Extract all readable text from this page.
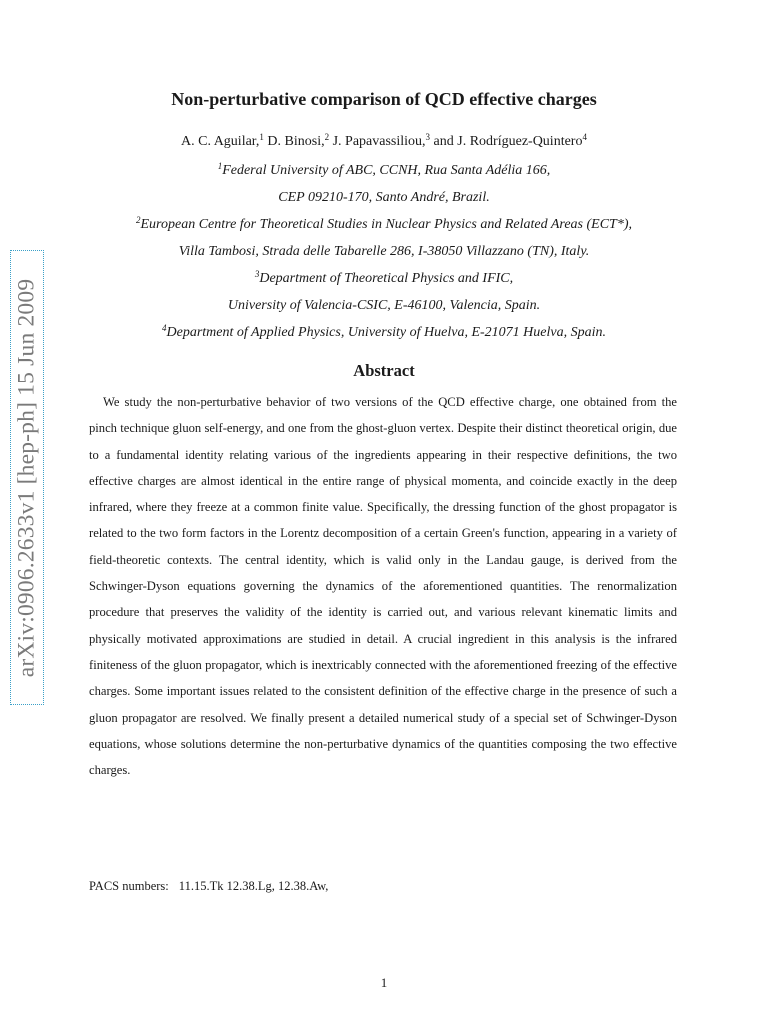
arXiv:0906.2633v1 [hep-ph] 15 Jun 2009
Non-perturbative comparison of QCD effective charges

A. C. Aguilar,$^1$ D. Binosi,$^2$ J. Papavassiliou,$^3$ and J. Rodríguez-Quintero$^4$

$^1$Federal University of ABC, CCNH, Rua Santa Adélia 166,

CEP 09210-170, Santo André, Brazil.

$^2$European Centre for Theoretical Studies in Nuclear Physics and Related Areas (ECT*),

Villa Tambosi, Strada delle Tabarelle 286, I-38050 Villazzano (TN), Italy.

$^3$Department of Theoretical Physics and IFIC,

University of Valencia-CSIC, E-46100, Valencia, Spain.

$^4$Department of Applied Physics, University of Huelva, E-21071 Huelva, Spain.

Abstract

We study the non-perturbative behavior of two versions of the QCD effective charge, one obtained from the pinch technique gluon self-energy, and one from the ghost-gluon vertex. Despite their distinct theoretical origin, due to a fundamental identity relating various of the ingredients appearing in their respective definitions, the two effective charges are almost identical in the entire range of physical momenta, and coincide exactly in the deep infrared, where they freeze at a common finite value. Specifically, the dressing function of the ghost propagator is related to the two form factors in the Lorentz decomposition of a certain Green's function, appearing in a variety of field-theoretic contexts. The central identity, which is valid only in the Landau gauge, is derived from the Schwinger-Dyson equations governing the dynamics of the aforementioned quantities. The renormalization procedure that preserves the validity of the identity is carried out, and various relevant kinematic limits and physically motivated approximations are studied in detail. A crucial ingredient in this analysis is the infrared finiteness of the gluon propagator, which is inextricably connected with the aforementioned freezing of the effective charges. Some important issues related to the consistent definition of the effective charge in the presence of such a gluon propagator are resolved. We finally present a detailed numerical study of a special set of Schwinger-Dyson equations, whose solutions determine the non-perturbative dynamics of the quantities composing the two effective charges.

PACS numbers: 11.15.Tk 12.38.Lg, 12.38.Aw,

1
